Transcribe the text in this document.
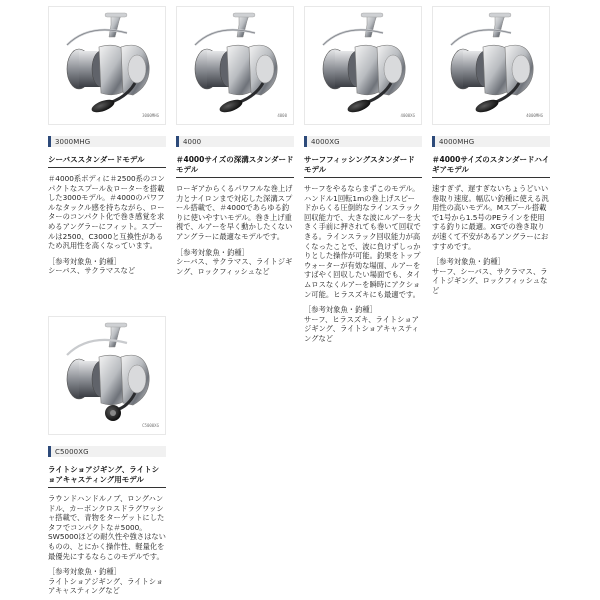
3000MHG
3000MHG
シーバススタンダードモデル
＃4000系ボディに＃2500系のコンパクトなスプール＆ローターを搭載した3000モデル。＃4000のパワフルなタックル感を持ちながら、ローターのコンパクト化で巻き感覚を求めるアングラーにフィット。スプールは2500、C3000と互換性があるため汎用性を高くなっています。
［参考対象魚・釣種］
シーバス、サクラマスなど
4000
4000
＃4000サイズの深溝スタンダードモデル
ローギアからくるパワフルな巻上げ力とナイロンまで対応した深溝スプール搭載で、＃4000であらゆる釣りに使いやすいモデル。巻き上げ重視で、ルアーを早く動かしたくないアングラーに最適なモデルです。
［参考対象魚・釣種］
シーバス、サクラマス、ライトジギング、ロックフィッシュなど
4000XG
4000XG
サーフフィッシングスタンダードモデル
サーフをやるならまずこのモデル。ハンドル1回転1mの巻上げスピードからくる圧倒的なラインスラック回収能力で、大きな波にルアーを大きく手前に押されても巻いて回収できる。ラインスラック回収能力が高くなったことで、波に負けずしっかりとした操作が可能。釣果をトップウォーターが有効な場面、ルアーをすばやく回収したい場面でも、タイムロスなくルアーを瞬時にアクション可能。ヒラスズキにも最適です。
［参考対象魚・釣種］
サーフ、ヒラスズキ、ライトショアジギング、ライトショアキャスティングなど
4000MHG
4000MHG
＃4000サイズのスタンダードハイギアモデル
速すぎず、遅すぎないちょうどいい巻取り速度。幅広い釣種に使える汎用性の高いモデル。Mスプール搭載で1号から1.5号のPEラインを使用する釣りに最適。XGでの巻き取りが速くて不安があるアングラーにおすすめです。
［参考対象魚・釣種］
サーフ、シーバス、サクラマス、ライトジギング、ロックフィッシュなど
C5000XG
C5000XG
ライトショアジギング、ライトショアキャスティング用モデル
ラウンドハンドルノブ、ロングハンドル、カーボンクロスドラグワッシャ搭載で、青物をターゲットにしたタフでコンパクトな＃5000。SW5000ほどの耐久性や強さはないものの、とにかく操作性、軽量化を最優先にするならこのモデルです。
［参考対象魚・釣種］
ライトショアジギング、ライトショアキャスティングなど
